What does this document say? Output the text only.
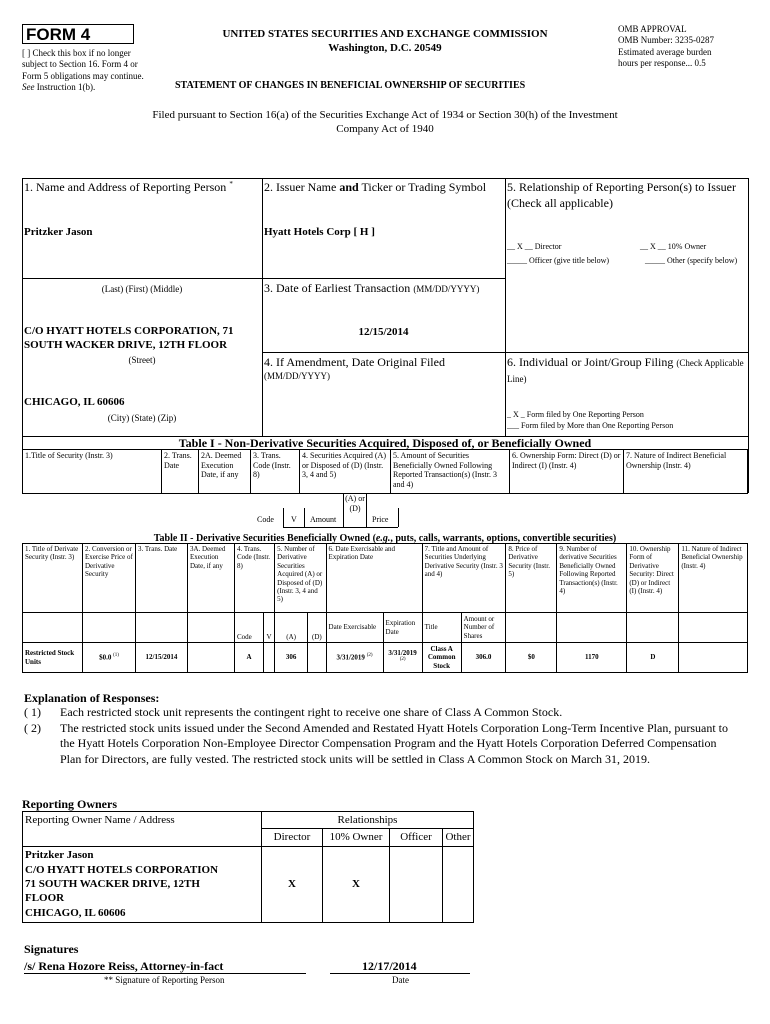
FORM 4
[ ] Check this box if no longer subject to Section 16. Form 4 or Form 5 obligations may continue. See Instruction 1(b).
UNITED STATES SECURITIES AND EXCHANGE COMMISSION
Washington, D.C. 20549
STATEMENT OF CHANGES IN BENEFICIAL OWNERSHIP OF SECURITIES
OMB APPROVAL
OMB Number: 3235-0287
Estimated average burden
hours per response... 0.5
Filed pursuant to Section 16(a) of the Securities Exchange Act of 1934 or Section 30(h) of the Investment Company Act of 1940
1. Name and Address of Reporting Person *
Pritzker Jason
(Last) (First) (Middle)
C/O HYATT HOTELS CORPORATION, 71 SOUTH WACKER DRIVE, 12TH FLOOR
(Street)
CHICAGO, IL 60606
(City) (State) (Zip)
2. Issuer Name and Ticker or Trading Symbol
Hyatt Hotels Corp [ H ]
3. Date of Earliest Transaction (MM/DD/YYYY)
12/15/2014
4. If Amendment, Date Original Filed
(MM/DD/YYYY)
5. Relationship of Reporting Person(s) to Issuer (Check all applicable)
__ X __ Director	__ X __ 10% Owner
_____ Officer (give title below)	_____ Other (specify below)
6. Individual or Joint/Group Filing (Check Applicable Line)
_ X _ Form filed by One Reporting Person
___ Form filed by More than One Reporting Person
Table I - Non-Derivative Securities Acquired, Disposed of, or Beneficially Owned
1.Title of Security (Instr. 3)	2. Trans. Date	2A. Deemed Execution Date, if any	3. Trans. Code (Instr. 8)	4. Securities Acquired (A) or Disposed of (D) (Instr. 3, 4 and 5)	5. Amount of Securities Beneficially Owned Following Reported Transaction(s) (Instr. 3 and 4)	6. Ownership Form: Direct (D) or Indirect (I) (Instr. 4)	7. Nature of Indirect Beneficial Ownership (Instr. 4)
Code V Amount
(A) or (D)
Price
Table II - Derivative Securities Beneficially Owned (e.g., puts, calls, warrants, options, convertible securities)
1. Title of Derivate Security (Instr. 3)	2. Conversion or Exercise Price of Derivative Security	3. Trans. Date	3A. Deemed Execution Date, if any	4. Trans. Code (Instr. 8)		5. Number of Derivative Securities Acquired (A) or Disposed of (D) (Instr. 3, 4 and 5)		6. Date Exercisable and Expiration Date		7. Title and Amount of Securities Underlying Derivative Security (Instr. 3 and 4)		8. Price of Derivative Security (Instr. 5)	9. Number of derivative Securities Beneficially Owned Following Reported Transaction(s) (Instr. 4)	10. Ownership Form of Derivative Security: Direct (D) or Indirect (I) (Instr. 4)	11. Nature of Indirect Beneficial Ownership (Instr. 4)
				Code	V	(A)	(D)	Date Exercisable	Expiration Date	Title	Amount or Number of Shares				
Restricted Stock Units	$0.0 $^{(1)}$	12/15/2014		A		306		3/31/2019 $^{(2)}$	3/31/2019 $^{(2)}$	Class A Common Stock	306.0	$0	1170	D	
Explanation of Responses:
( 1) Each restricted stock unit represents the contingent right to receive one share of Class A Common Stock.
( 2) The restricted stock units issued under the Second Amended and Restated Hyatt Hotels Corporation Long-Term Incentive Plan, pursuant to the Hyatt Hotels Corporation Non-Employee Director Compensation Program and the Hyatt Hotels Corporation Deferred Compensation Plan for Directors, are fully vested. The restricted stock units will be settled in Class A Common Stock on March 31, 2019.
Reporting Owners
Reporting Owner Name / Address	Relationships			
	Director	10% Owner	Officer	Other

Pritzker Jason
C/O HYATT HOTELS CORPORATION
71 SOUTH WACKER DRIVE, 12TH
FLOOR
CHICAGO, IL 60606	X	X		
Signatures
/s/ Rena Hozore Reiss, Attorney-in-fact	12/17/2014
** Signature of Reporting Person	Date
